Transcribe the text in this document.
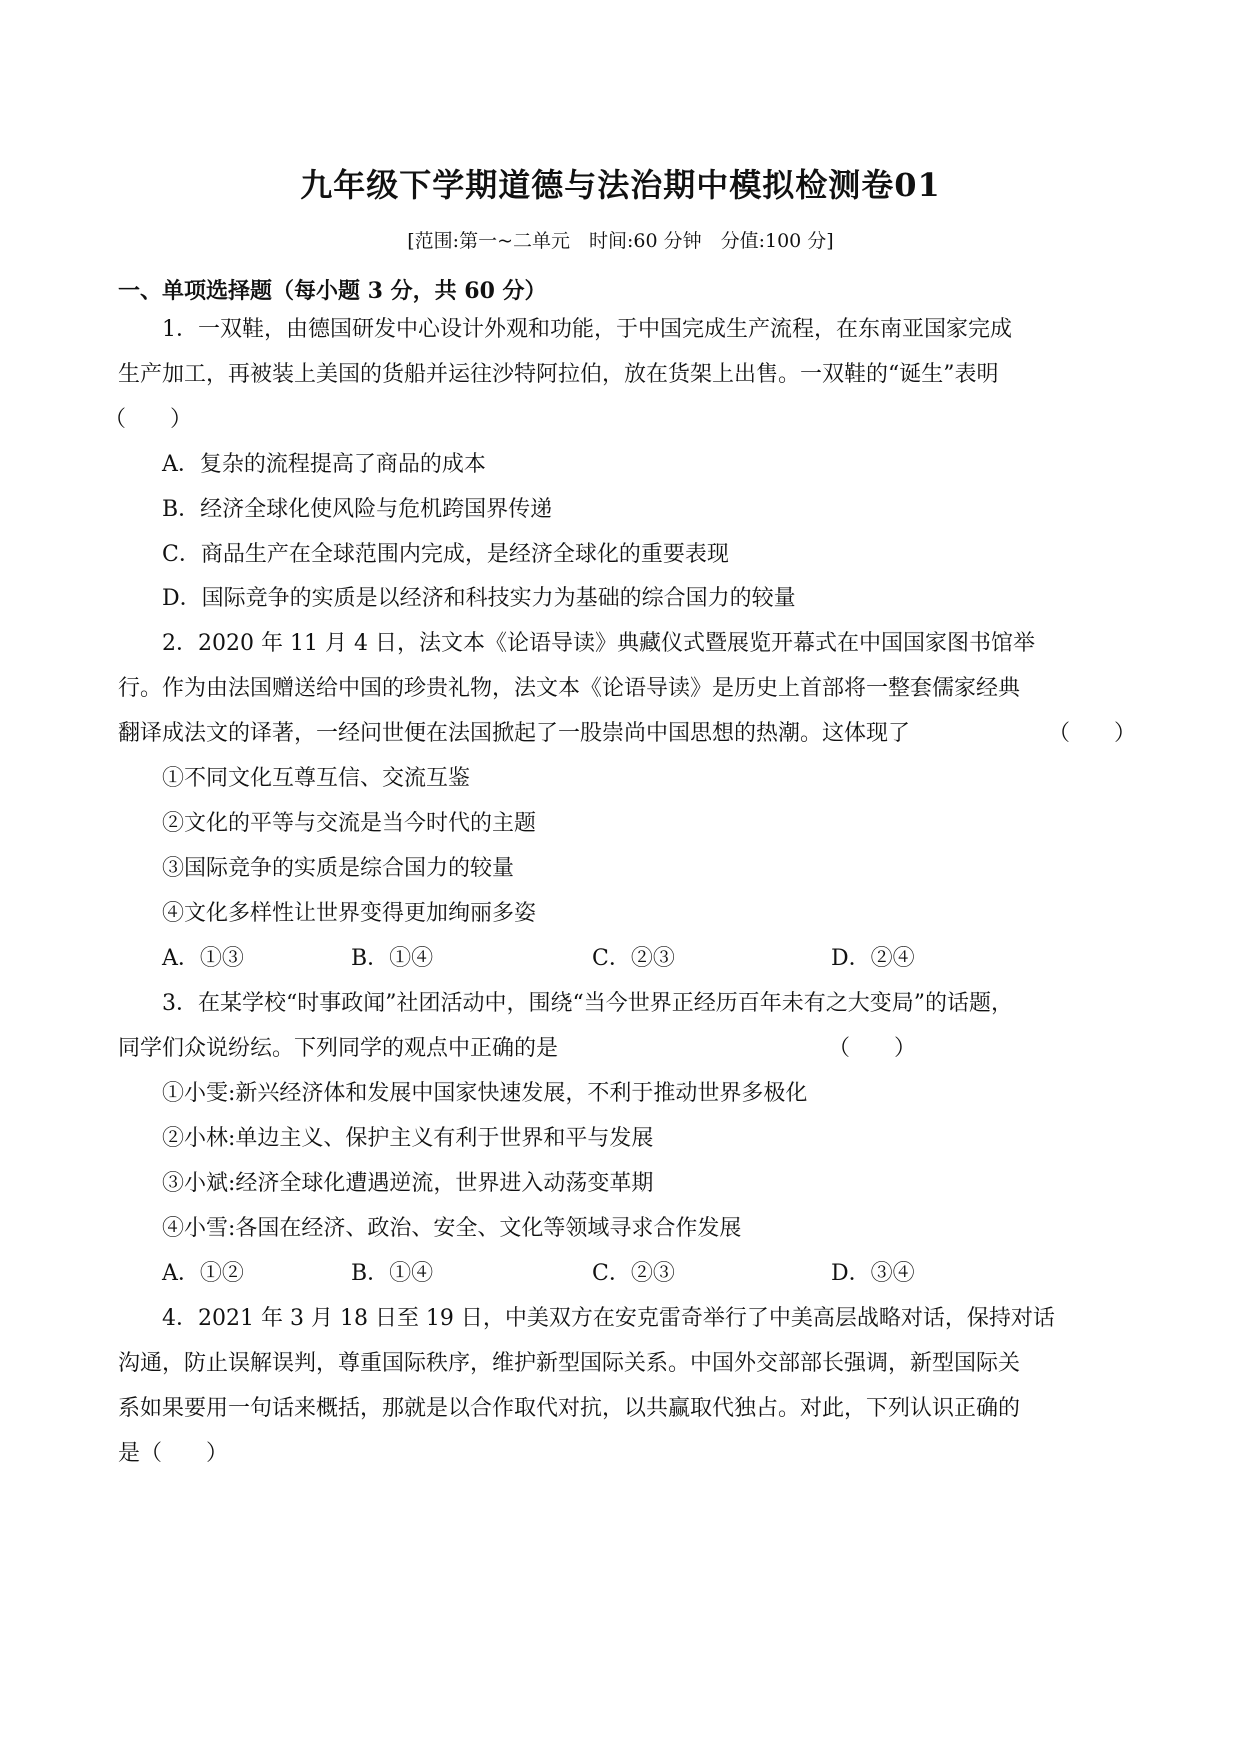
九年级下学期道德与法治期中模拟检测卷01
[范围:第一~二单元　时间:60 分钟　分值:100 分]
一、单项选择题（每小题 3 分，共 60 分）
1．一双鞋，由德国研发中心设计外观和功能，于中国完成生产流程，在东南亚国家完成
生产加工，再被装上美国的货船并运往沙特阿拉伯，放在货架上出售。一双鞋的“诞生”表明
（　　）
A．复杂的流程提高了商品的成本
B．经济全球化使风险与危机跨国界传递
C．商品生产在全球范围内完成，是经济全球化的重要表现
D．国际竞争的实质是以经济和科技实力为基础的综合国力的较量
2．2020 年 11 月 4 日，法文本《论语导读》典藏仪式暨展览开幕式在中国国家图书馆举
行。作为由法国赠送给中国的珍贵礼物，法文本《论语导读》是历史上首部将一整套儒家经典
翻译成法文的译著，一经问世便在法国掀起了一股崇尚中国思想的热潮。这体现了	（　　）
①不同文化互尊互信、交流互鉴
②文化的平等与交流是当今时代的主题
③国际竞争的实质是综合国力的较量
④文化多样性让世界变得更加绚丽多姿
A．①③	B．①④	C．②③	D．②④
3．在某学校“时事政闻”社团活动中，围绕“当今世界正经历百年未有之大变局”的话题，
同学们众说纷纭。下列同学的观点中正确的是	（　　）
①小雯:新兴经济体和发展中国家快速发展，不利于推动世界多极化
②小林:单边主义、保护主义有利于世界和平与发展
③小斌:经济全球化遭遇逆流，世界进入动荡变革期
④小雪:各国在经济、政治、安全、文化等领域寻求合作发展
A．①②	B．①④	C．②③	D．③④
4．2021 年 3 月 18 日至 19 日，中美双方在安克雷奇举行了中美高层战略对话，保持对话
沟通，防止误解误判，尊重国际秩序，维护新型国际关系。中国外交部部长强调，新型国际关
系如果要用一句话来概括，那就是以合作取代对抗，以共赢取代独占。对此，下列认识正确的
是（　　）
